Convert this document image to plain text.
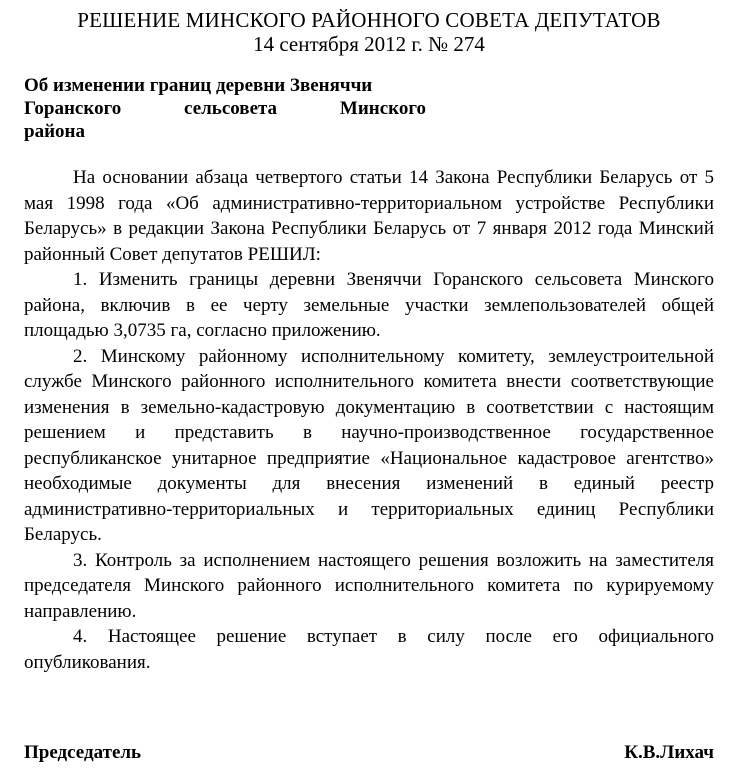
РЕШЕНИЕ МИНСКОГО РАЙОННОГО СОВЕТА ДЕПУТАТОВ

14 сентября 2012 г. № 274

Об изменении границ деревни Звеняччи
Горанского сельсовета Минского
района

На основании абзаца четвертого статьи 14 Закона Республики Беларусь от 5 мая 1998 года «Об административно-территориальном устройстве Республики Беларусь» в редакции Закона Республики Беларусь от 7 января 2012 года Минский районный Совет депутатов РЕШИЛ:

1. Изменить границы деревни Звеняччи Горанского сельсовета Минского района, включив в ее черту земельные участки землепользователей общей площадью 3,0735 га, согласно приложению.

2. Минскому районному исполнительному комитету, землеустроительной службе Минского районного исполнительного комитета внести соответствующие изменения в земельно-кадастровую документацию в соответствии с настоящим решением и представить в научно-производственное государственное республиканское унитарное предприятие «Национальное кадастровое агентство» необходимые документы для внесения изменений в единый реестр административно-территориальных и территориальных единиц Республики Беларусь.

3. Контроль за исполнением настоящего решения возложить на заместителя председателя Минского районного исполнительного комитета по курируемому направлению.

4. Настоящее решение вступает в силу после его официального опубликования.

Председатель	К.В.Лихач
